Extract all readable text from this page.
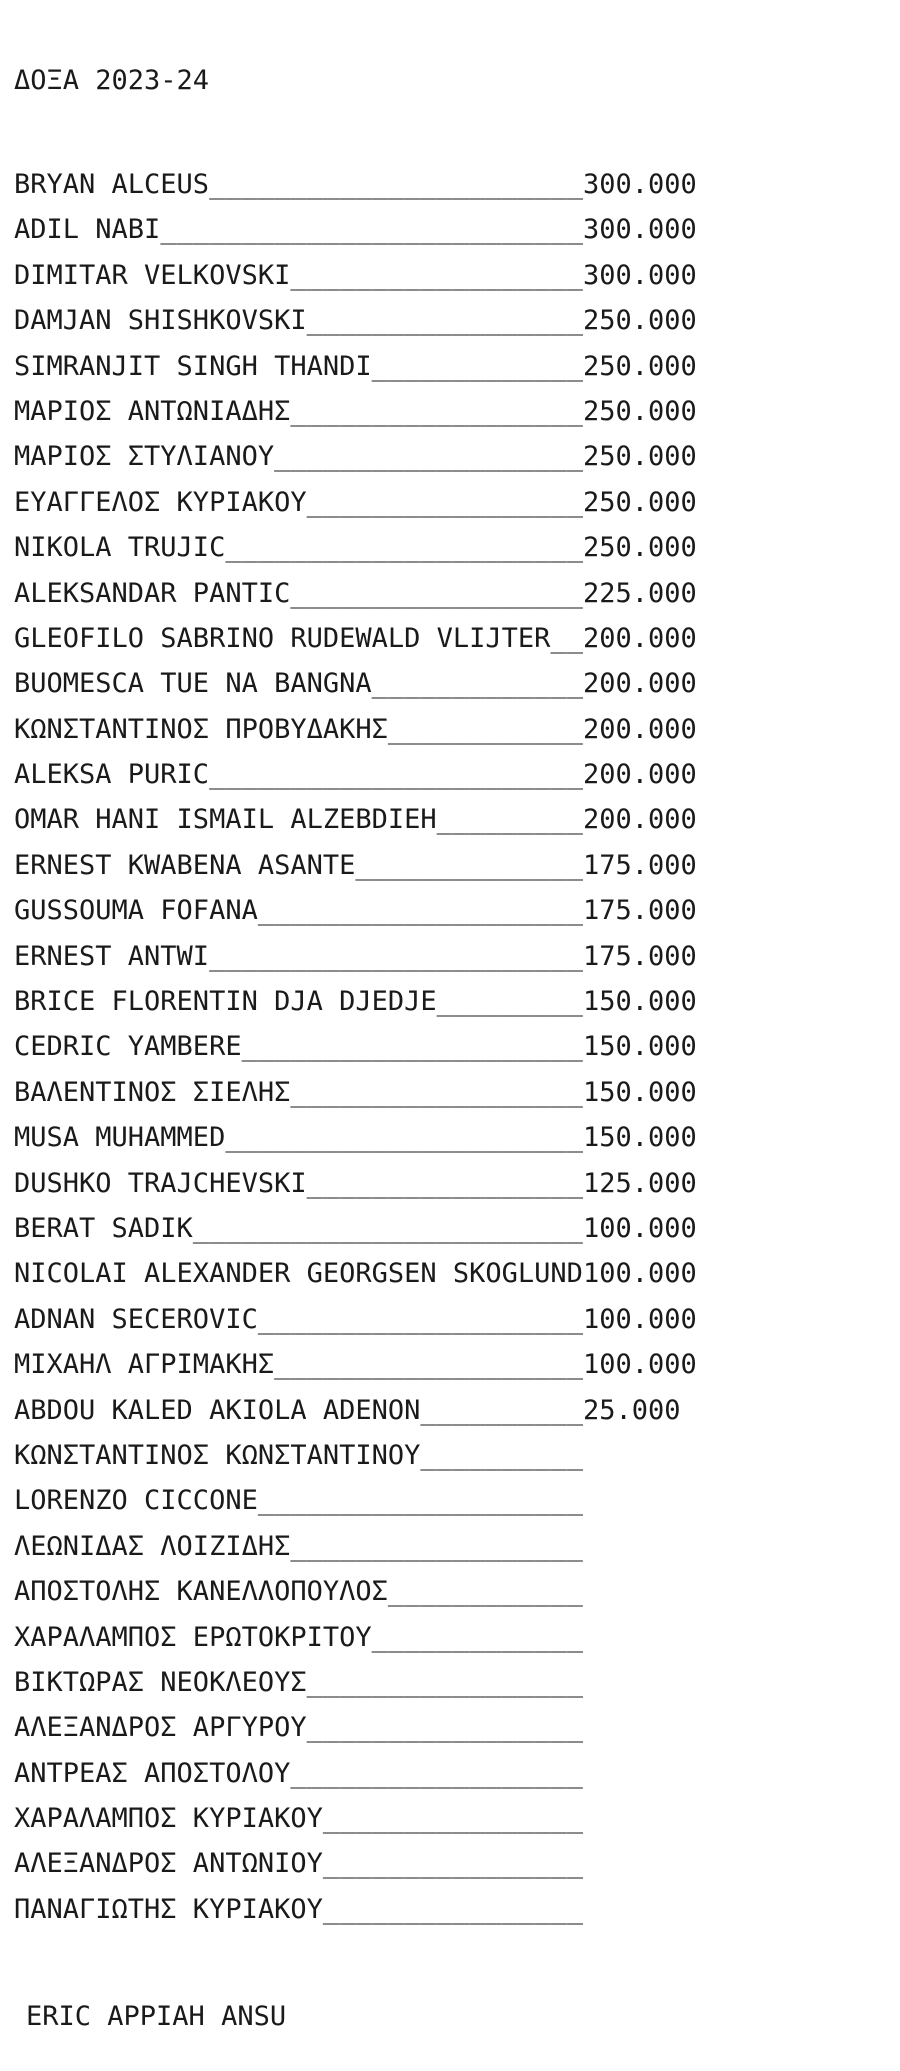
ΔΟΞΑ 2023-24

BRYAN ALCEUS_______________________300.000
ADIL NABI__________________________300.000
DIMITAR VELKOVSKI__________________300.000
DAMJAN SHISHKOVSKI_________________250.000
SIMRANJIT SINGH THANDI_____________250.000
ΜΑΡΙΟΣ ΑΝΤΩΝΙΑΔΗΣ__________________250.000
ΜΑΡΙΟΣ ΣΤΥΛΙΑΝΟΥ___________________250.000
ΕΥΑΓΓΕΛΟΣ ΚΥΡΙΑΚΟΥ_________________250.000
NIKOLA TRUJIC______________________250.000
ALEKSANDAR PANTIC__________________225.000
GLEOFILO SABRINO RUDEWALD VLIJTER__200.000
BUOMESCA TUE NA BANGNA_____________200.000
ΚΩΝΣΤΑΝΤΙΝΟΣ ΠΡΟΒΥΔΑΚΗΣ____________200.000
ALEKSA PURIC_______________________200.000
OMAR HANI ISMAIL ALZEBDIEH_________200.000
ERNEST KWABENA ASANTE______________175.000
GUSSOUMA FOFANA____________________175.000
ERNEST ANTWI_______________________175.000
BRICE FLORENTIN DJA DJEDJE_________150.000
CEDRIC YAMBERE_____________________150.000
ΒΑΛΕΝΤΙΝΟΣ ΣΙΕΛΗΣ__________________150.000
MUSA MUHAMMED______________________150.000
DUSHKO TRAJCHEVSKI_________________125.000
BERAT SADIK________________________100.000
NICOLAI ALEXANDER GEORGSEN SKOGLUND100.000
ADNAN SECEROVIC____________________100.000
ΜΙΧΑΗΛ ΑΓΡΙΜΑΚΗΣ___________________100.000
ABDOU KALED AKIOLA ADENON__________25.000
ΚΩΝΣΤΑΝΤΙΝΟΣ ΚΩΝΣΤΑΝΤΙΝΟΥ__________
LORENZO CICCONE____________________
ΛΕΩΝΙΔΑΣ ΛΟΙΖΙΔΗΣ__________________
ΑΠΟΣΤΟΛΗΣ ΚΑΝΕΛΛΟΠΟΥΛΟΣ____________
ΧΑΡΑΛΑΜΠΟΣ ΕΡΩΤΟΚΡΙΤΟΥ_____________
ΒΙΚΤΩΡΑΣ ΝΕΟΚΛΕΟΥΣ_________________
ΑΛΕΞΑΝΔΡΟΣ ΑΡΓΥΡΟΥ_________________
ΑΝΤΡΕΑΣ ΑΠΟΣΤΟΛΟΥ__________________
ΧΑΡΑΛΑΜΠΟΣ ΚΥΡΙΑΚΟΥ________________
ΑΛΕΞΑΝΔΡΟΣ ΑΝΤΩΝΙΟΥ________________
ΠΑΝΑΓΙΩΤΗΣ ΚΥΡΙΑΚΟΥ________________

ERIC APPIAH ANSU
